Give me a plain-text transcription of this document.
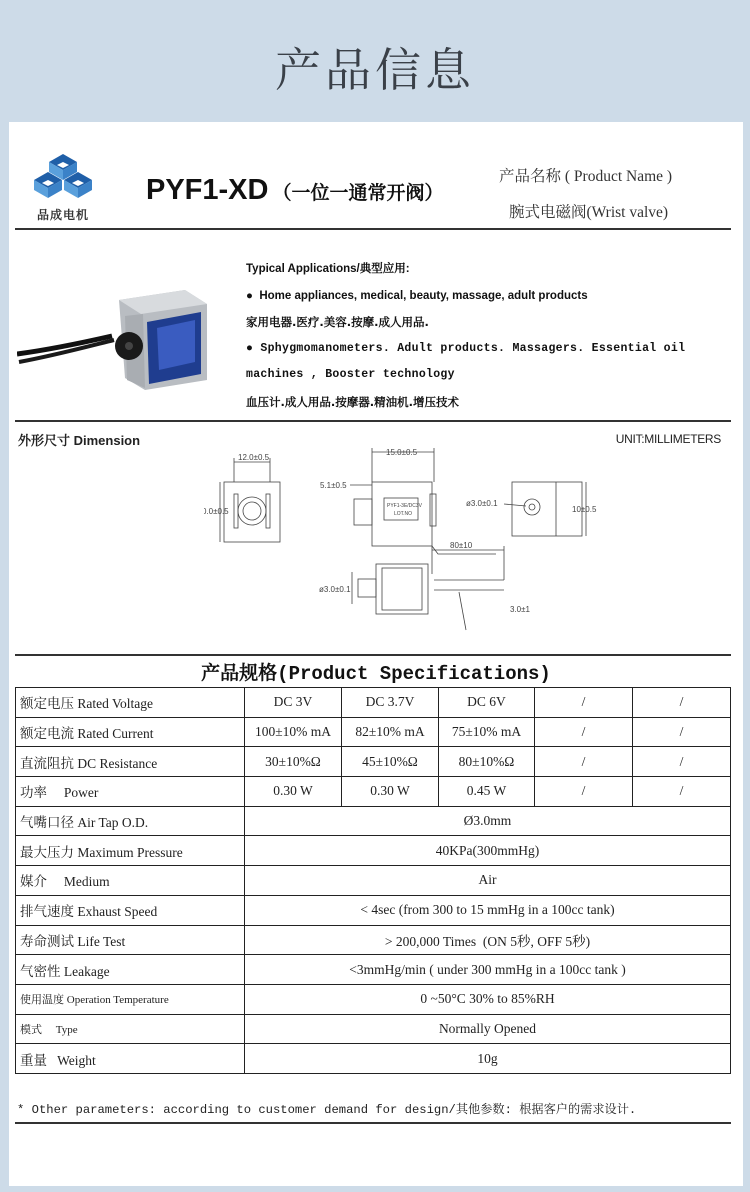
产品信息
品成电机
PYF1-XD （一位一通常开阀）
产品名称 ( Product Name )
腕式电磁阀(Wrist valve)
Typical Applications/典型应用:
● Home appliances, medical, beauty, massage, adult products
家用电器.医疗.美容.按摩.成人用品.
● Sphygmomanometers. Adult products. Massagers. Essential oil
machines , Booster technology
血压计.成人用品.按摩器.精油机.增压技术
外形尺寸 Dimension	UNIT:MILLIMETERS
12.0±0.5
0.0±0.5
PYF1-3E/DC3V
LOT.NO
15.0±0.5
5.1±0.5
ø3.0±0.1
10±0.5
80±10
ø3.0±0.1
3.0±1
产品规格(Product Specifications)
额定电压 Rated Voltage	DC 3V	DC 3.7V	DC 6V	/	/
额定电流 Rated Current	100±10% mA	82±10% mA	75±10% mA	/	/
直流阻抗 DC Resistance	30±10%Ω	45±10%Ω	80±10%Ω	/	/
功率     Power	0.30 W	0.30 W	0.45 W	/	/
气嘴口径 Air Tap O.D.	Ø3.0mm				
最大压力 Maximum Pressure	40KPa(300mmHg)				
媒介     Medium	Air				
排气速度 Exhaust Speed	< 4sec (from 300 to 15 mmHg in a 100cc tank)				
寿命测试 Life Test	> 200,000 Times  (ON 5秒, OFF 5秒)				
气密性 Leakage	<3mmHg/min ( under 300 mmHg in a 100cc tank )				
使用温度 Operation Temperature	0 ~50°C 30% to 85%RH				
模式     Type	Normally Opened				
重量   Weight	10g				
* Other parameters: according to customer demand for design/其他参数: 根据客户的需求设计.
